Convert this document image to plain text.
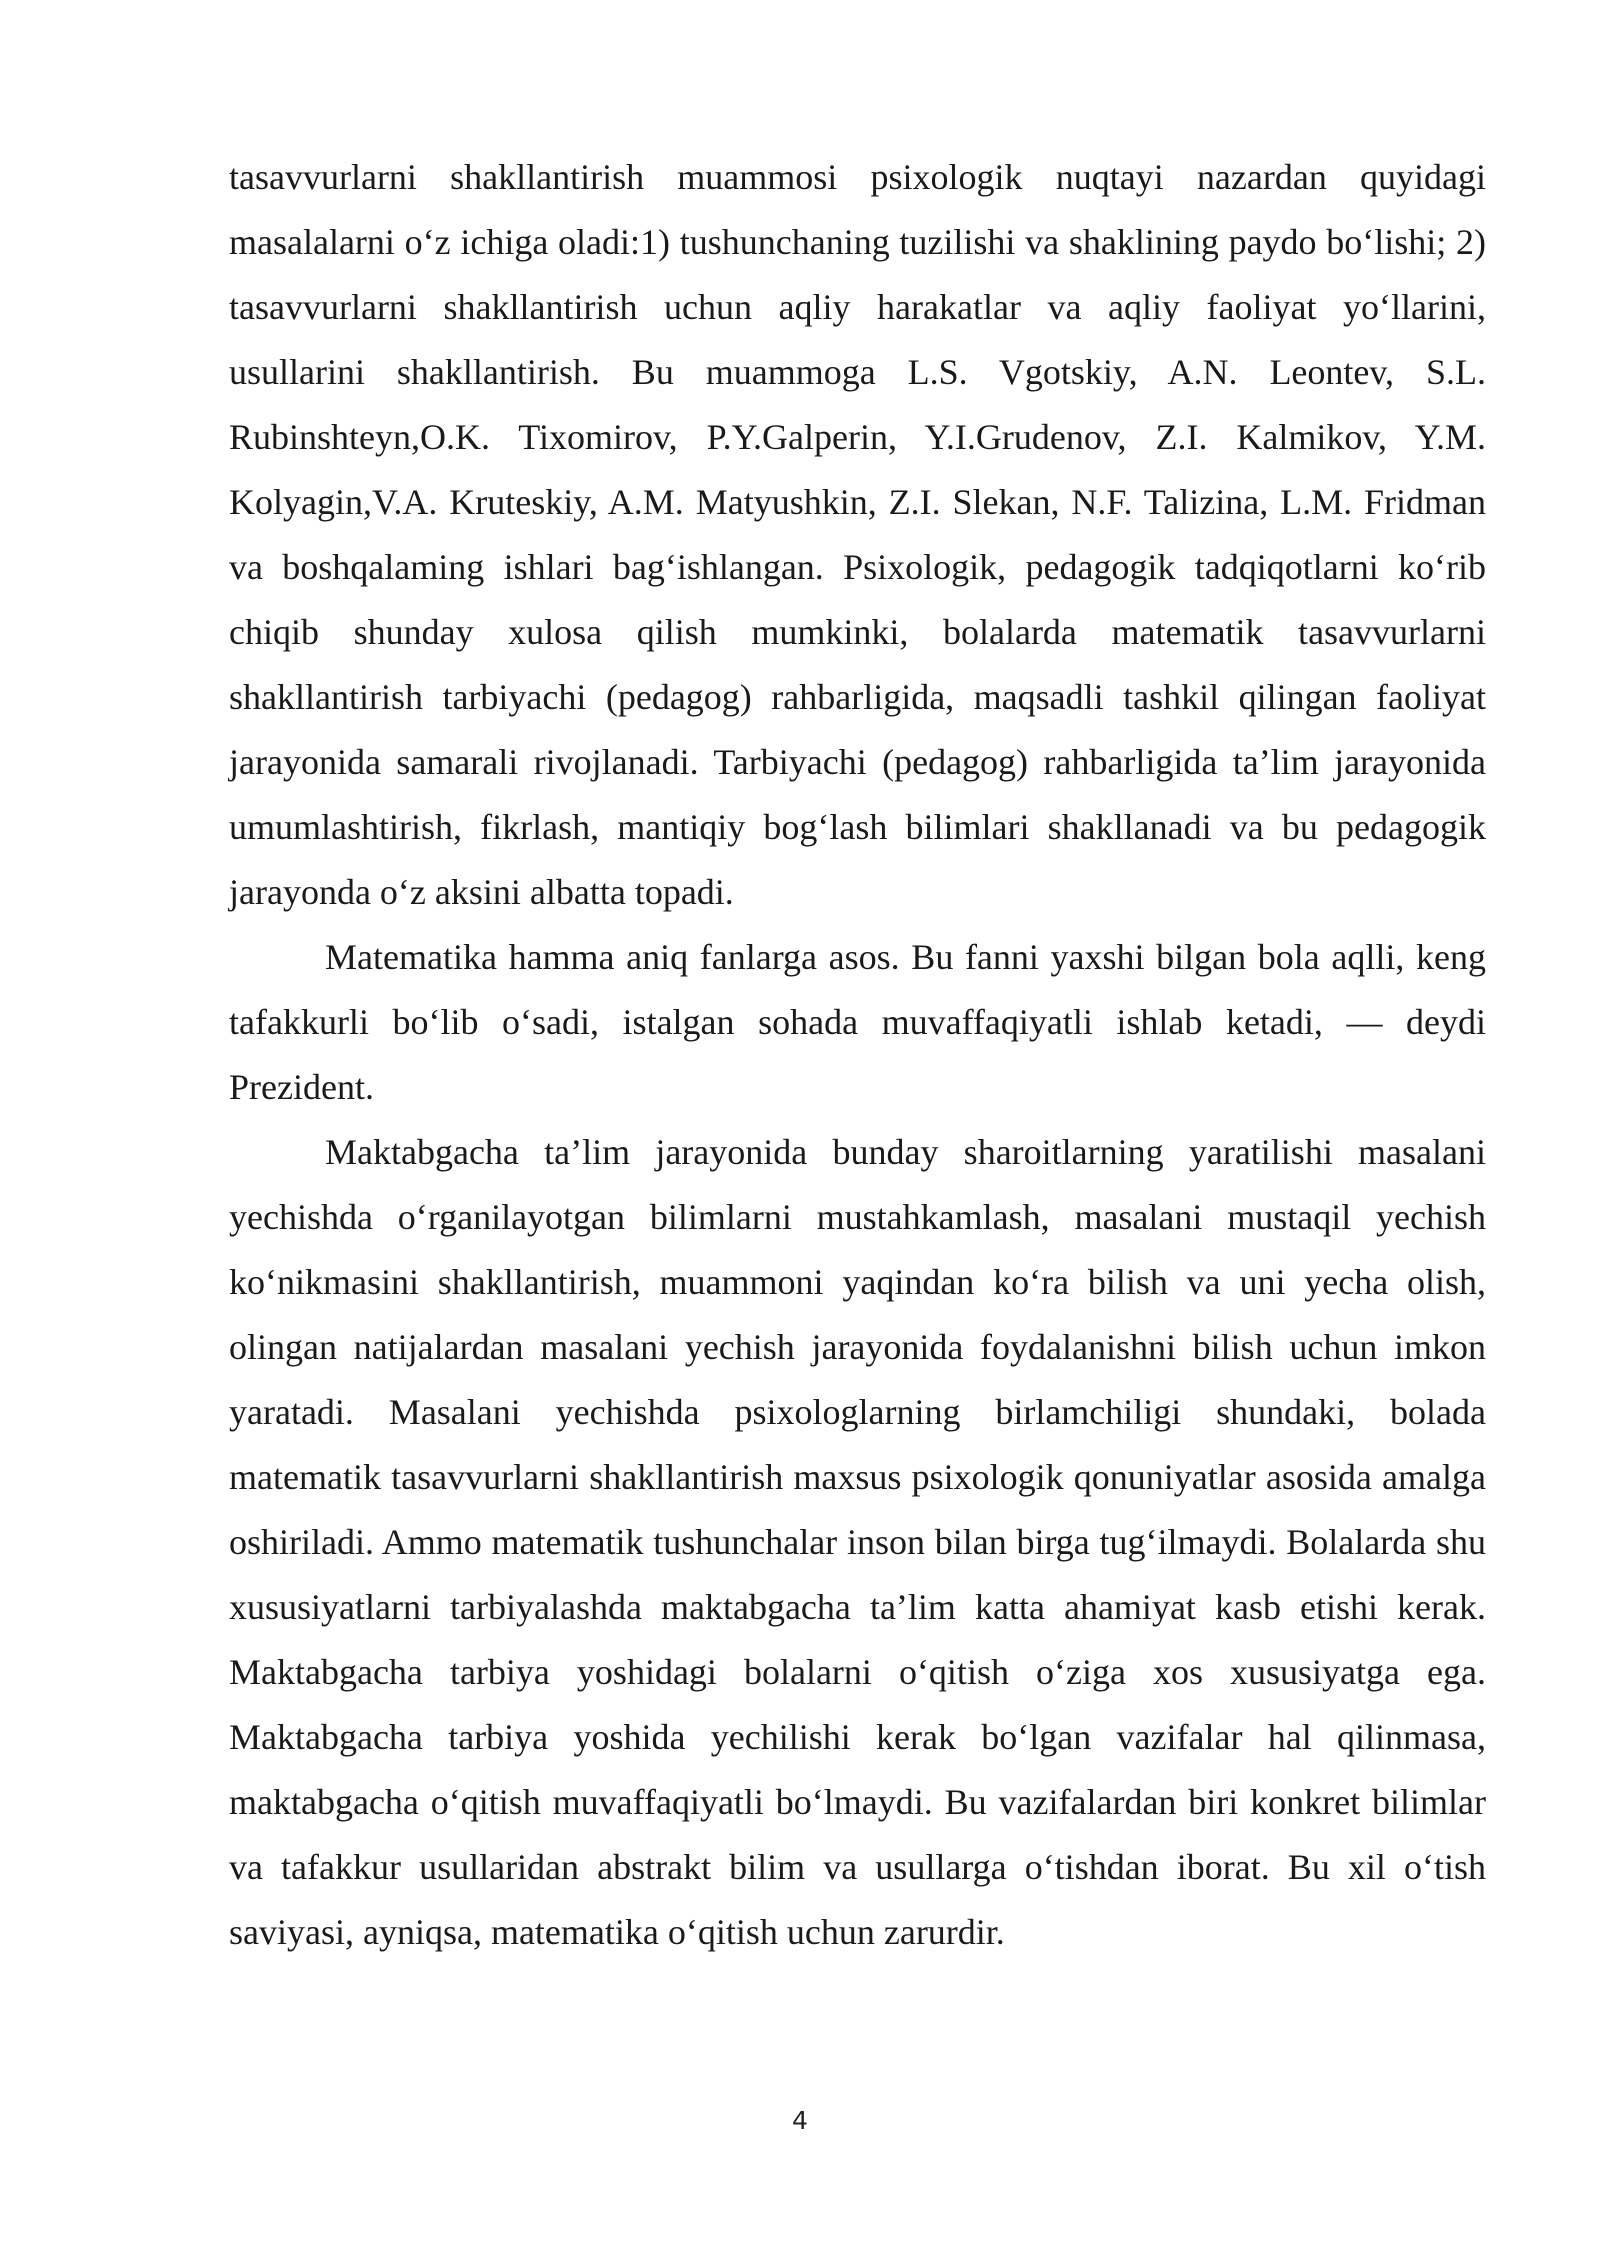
tasavvurlarni shakllantirish muammosi psixologik nuqtayi nazardan quyidagi masalalarni o‘z ichiga oladi:1) tushunchaning tuzilishi va shaklining paydo bo‘lishi; 2) tasavvurlarni shakllantirish uchun aqliy harakatlar va aqliy faoliyat yo‘llarini, usullarini shakllantirish. Bu muammoga L.S. Vgotskiy, A.N. Leontev, S.L. Rubinshteyn,O.K. Tixomirov, P.Y.Galperin, Y.I.Grudenov, Z.I. Kalmikov, Y.M. Kolyagin,V.A. Kruteskiy, A.M. Matyushkin, Z.I. Slekan, N.F. Talizina, L.M. Fridman va boshqalaming ishlari bag‘ishlangan. Psixologik, pedagogik tadqiqotlarni ko‘rib chiqib shunday xulosa qilish mumkinki, bolalarda matematik tasavvurlarni shakllantirish tarbiyachi (pedagog) rahbarligida, maqsadli tashkil qilingan faoliyat jarayonida samarali rivojlanadi. Tarbiyachi (pedagog) rahbarligida ta’lim jarayonida umumlashtirish, fikrlash, mantiqiy bog‘lash bilimlari shakllanadi va bu pedagogik jarayonda o‘z aksini albatta topadi.

Matematika hamma aniq fanlarga asos. Bu fanni yaxshi bilgan bola aqlli, keng tafakkurli bo‘lib o‘sadi, istalgan sohada muvaffaqiyatli ishlab ketadi, — deydi Prezident.

Maktabgacha ta’lim jarayonida bunday sharoitlarning yaratilishi masalani yechishda o‘rganilayotgan bilimlarni mustahkamlash, masalani mustaqil yechish ko‘nikmasini shakllantirish, muammoni yaqindan ko‘ra bilish va uni yecha olish, olingan natijalardan masalani yechish jarayonida foydalanishni bilish uchun imkon yaratadi. Masalani yechishda psixologlarning birlamchiligi shundaki, bolada matematik tasavvurlarni shakllantirish maxsus psixologik qonuniyatlar asosida amalga oshiriladi. Ammo matematik tushunchalar inson bilan birga tug‘ilmaydi. Bolalarda shu xususiyatlarni tarbiyalashda maktabgacha ta’lim katta ahamiyat kasb etishi kerak. Maktabgacha tarbiya yoshidagi bolalarni o‘qitish o‘ziga xos xususiyatga ega. Maktabgacha tarbiya yoshida yechilishi kerak bo‘lgan vazifalar hal qilinmasa, maktabgacha o‘qitish muvaffaqiyatli bo‘lmaydi. Bu vazifalardan biri konkret bilimlar va tafakkur usullaridan abstrakt bilim va usullarga o‘tishdan iborat. Bu xil o‘tish saviyasi, ayniqsa, matematika o‘qitish uchun zarurdir.

4
